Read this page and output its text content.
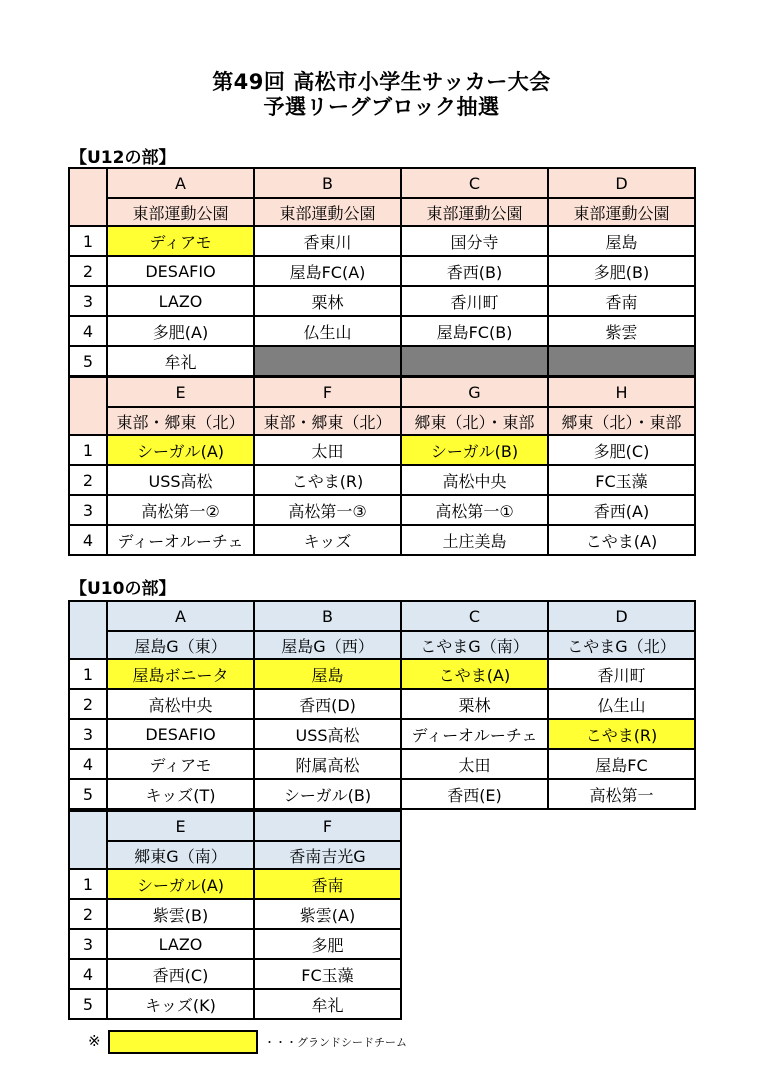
第49回 高松市小学生サッカー大会
予選リーグブロック抽選
【U12の部】
	A	B	C	D
	東部運動公園	東部運動公園	東部運動公園	東部運動公園
1	ディアモ	香東川	国分寺	屋島
2	DESAFIO	屋島FC(A)	香西(B)	多肥(B)
3	LAZO	栗林	香川町	香南
4	多肥(A)	仏生山	屋島FC(B)	紫雲
5	牟礼			
	E	F	G	H
	東部・郷東（北）	東部・郷東（北）	郷東（北）・東部	郷東（北）・東部
1	シーガル(A)	太田	シーガル(B)	多肥(C)
2	USS高松	こやま(R)	高松中央	FC玉藻
3	高松第一②	高松第一③	高松第一①	香西(A)
4	ディーオルーチェ	キッズ	土庄美島	こやま(A)
【U10の部】
	A	B	C	D
	屋島G（東）	屋島G（西）	こやまG（南）	こやまG（北）
1	屋島ボニータ	屋島	こやま(A)	香川町
2	高松中央	香西(D)	栗林	仏生山
3	DESAFIO	USS高松	ディーオルーチェ	こやま(R)
4	ディアモ	附属高松	太田	屋島FC
5	キッズ(T)	シーガル(B)	香西(E)	高松第一
	E	F		
	郷東G（南）	香南吉光G		
1	シーガル(A)	香南		
2	紫雲(B)	紫雲(A)		
3	LAZO	多肥		
4	香西(C)	FC玉藻		
5	キッズ(K)	牟礼		
※	・・・グランドシードチーム
